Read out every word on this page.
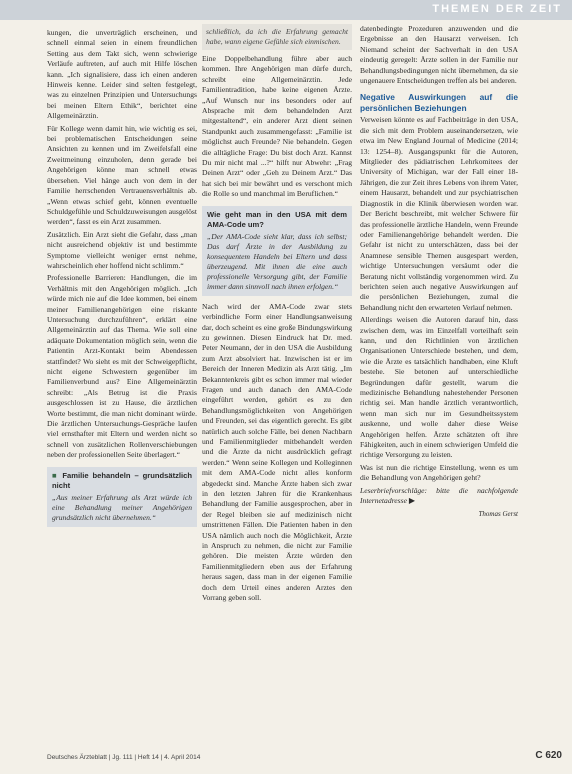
THEMEN DER ZEIT

kungen, die unverträglich erscheinen, und schnell einmal seien in einem freundlichen Setting aus dem Takt sich, wenn schwierige Verläufe auftreten, auf auch mit Hilfe löschen kann. „Ich signalisiere, dass ich einen anderen Hinweis kenne. Leider sind selten festgelegt, was zu einzelnen Prinzipien und Untersuchungs bei meinen Eltern Ethik“, berichtet eine Allgemeinärztin.

Für Kollege wenn damit hin, wie wichtig es sei, bei problematischen Entscheidungen seine Ansichten zu kennen und im Zweifelsfall eine Zweitmeinung einzuholen, denn gerade bei Angehörigen könne man schnell etwas übersehen. Viel hänge auch von dem in der Familie herrschenden Vertrauensverhältnis ab. „Wenn etwas schief geht, können eventuelle Schuldgefühle und Schuldzuweisungen ausgelöst werden“, fasst es ein Arzt zusammen.

Zusätzlich. Ein Arzt sieht die Gefahr, dass „man nicht ausreichend objektiv ist und bestimmte Symptome vielleicht weniger ernst nehme, wahrscheinlich eher hoffend nicht schlimm.“

Professionelle Barrieren: Handlungen, die im Verhältnis mit den Angehörigen möglich. „Ich würde mich nie auf die Idee kommen, bei einem meiner Familienangehörigen eine riskante Untersuchung durchzuführen“, erklärt eine Allgemeinärztin auf das Thema. Wie soll eine adäquate Dokumentation möglich sein, wenn die Patientin Arzt-Kontakt beim Abendessen stattfindet? Wo sieht es mit der Schweigepflicht, nicht eigene Schwestern gegenüber im Familienverbund aus? Eine Allgemeinärztin schreibt: „Als Betrug ist die Praxis ausgeschlossen ist zu Hause, die ärztlichen Worte bestimmt, die man nicht dominant würde. Die ärztlichen Untersuchungs-Gespräche laufen viel ernsthafter mit Eltern und werden nicht so schnell von zusätzlichen Rollenverschiebungen neben der professionellen Seite überlagert.“

■ Familie behandeln – grundsätzlich nicht
„Aus meiner Erfahrung als Arzt würde ich eine Behandlung meiner Angehörigen grundsätzlich nicht übernehmen.“
schließlich, da ich die Erfahrung gemacht habe, wann eigene Gefühle sich einmischen.

Eine Doppelbehandlung führe aber auch kommen. Ihre Angehörigen man dürfe durch, schreibt eine Allgemeinärztin. Jede Familientradition, habe keine eigenen Ärzte. „Auf Wunsch nur ins besonders oder auf Absprache mit dem behandelnden Arzt mitgestaltend“, ein anderer Arzt dient seinen Standpunkt auch zusammengefasst: „Familie ist möglichst auch Freunde? Nie behandeln. Gegen die alltägliche Frage: Du bist doch Arzt. Kannst Du mir nicht mal ...?“ hilft nur Abwehr: „Frag Deinen Arzt“ oder „Geh zu Deinem Arzt.“ Das hat sich bei mir bewährt und es verschont mich die Rolle so und manchmal im Beruflichen.“

Wie geht man in den USA mit dem AMA-Code um?
„Der AMA-Code sieht klar, dass ich selbst; Das darf Ärzte in der Ausbildung zu konsequentem Handeln bei Eltern und dass überzeugend. Mit ihnen die eine auch professionelle Versorgung gibt, der Familie immer dann sinnvoll nach ihnen erfolgen.“

Nach wird der AMA-Code zwar stets verbindliche Form einer Handlungsanweisung dar, doch scheint es eine große Bindungswirkung zu gewinnen. Diesen Eindruck hat Dr. med. Peter Neumann, der in den USA die Ausbildung zum Arzt absolviert hat. Inzwischen ist er im Bereich der Inneren Medizin als Arzt tätig. „Im Bekanntenkreis gibt es schon immer mal wieder Fragen und auch danach den AMA-Code eingeführt werden, gehört es zu den Behandlungsmöglichkeiten von Angehörigen und Freunden, sei das eigentlich gerecht. Es gibt natürlich auch solche Fälle, bei denen Nachbarn und Familienmitglieder mitbehandelt werden und die Ärzte da nicht ausdrücklich gefragt werden.“ Wenn seine Kollegen und Kolleginnen mit dem AMA-Code nicht alles konform abgedeckt sind. Manche Ärzte haben sich zwar in den letzten Jahren für die Krankenhaus Behandlung der Familie ausgesprochen, aber in der Regel bleiben sie auf medizinisch nicht umstrittenen Fällen. Die Patienten haben in den USA nämlich auch noch die Möglichkeit, Ärzte in Anspruch zu nehmen, die nicht zur Familie gehören. Die meisten Ärzte würden den Familienmitgliedern eben aus der Erfahrung heraus sagen, dass man in der eigenen Familie doch dem Urteil eines anderen Arztes den Vorrang geben soll.

datenbedingte Prozeduren anzuwenden und die Ergebnisse an den Hausarzt verweisen. Ich Niemand scheint der Sachverhalt in den USA eindeutig geregelt: Ärzte sollen in der Familie nur Behandlungsbedingungen nicht übernehmen, da sie ungenauere Entscheidungen treffen als bei anderen.

Negative Auswirkungen auf die persönlichen Beziehungen

Verweisen könnte es auf Fachbeiträge in den USA, die sich mit dem Problem auseinandersetzen, wie etwa im New England Journal of Medicine (2014; 13: 1254–8). Ausgangspunkt für die Autoren, Mitglieder des pädiatrischen Lehrkomitees der University of Michigan, war der Fall einer 18-Jährigen, die zur Zeit ihres Lebens von ihrem Vater, einem Hausarzt, behandelt und zur psychiatrischen Diagnostik in die Klinik überwiesen worden war. Der Bericht beschreibt, mit welcher Schwere für das professionelle ärztliche Handeln, wenn Freunde oder Familienangehörige behandelt werden. Die Gefahr ist nicht zu unterschätzen, dass bei der Anamnese sensible Themen ausgespart werden, wichtige Untersuchungen versäumt oder die Beratung nicht vollständig vorgenommen wird. Zu berichten seien auch negative Auswirkungen auf die persönlichen Beziehungen, zumal die Behandlung nicht den erwarteten Verlauf nehmen.

Allerdings weisen die Autoren darauf hin, dass zwischen dem, was im Einzelfall vorteilhaft sein kann, und den Richtlinien von ärztlichen Organisationen Unterschiede bestehen, und dem, wie die Ärzte es tatsächlich handhaben, eine Kluft bestehe. Sie betonen auf unterschiedliche Begründungen dafür gestellt, warum die medizinische Behandlung nahestehender Personen richtig sei. Man handle ärztlich verantwortlich, wenn man sich nur im Gesundheitssystem auskenne, und wolle daher diese Weise Angehörigen helfen. Ärzte schätzten oft ihre Fähigkeiten, auch in einem schwierigen Umfeld die richtige Versorgung zu leisten.

Was ist nun die richtige Einstellung, wenn es um die Behandlung von Angehörigen geht?

Leserbriefvorschläge: bitte die nachfolgende Internetadresse ▶

Thomas Gerst
Deutsches Ärzteblatt | Jg. 111 | Heft 14 | 4. April 2014	C 620
